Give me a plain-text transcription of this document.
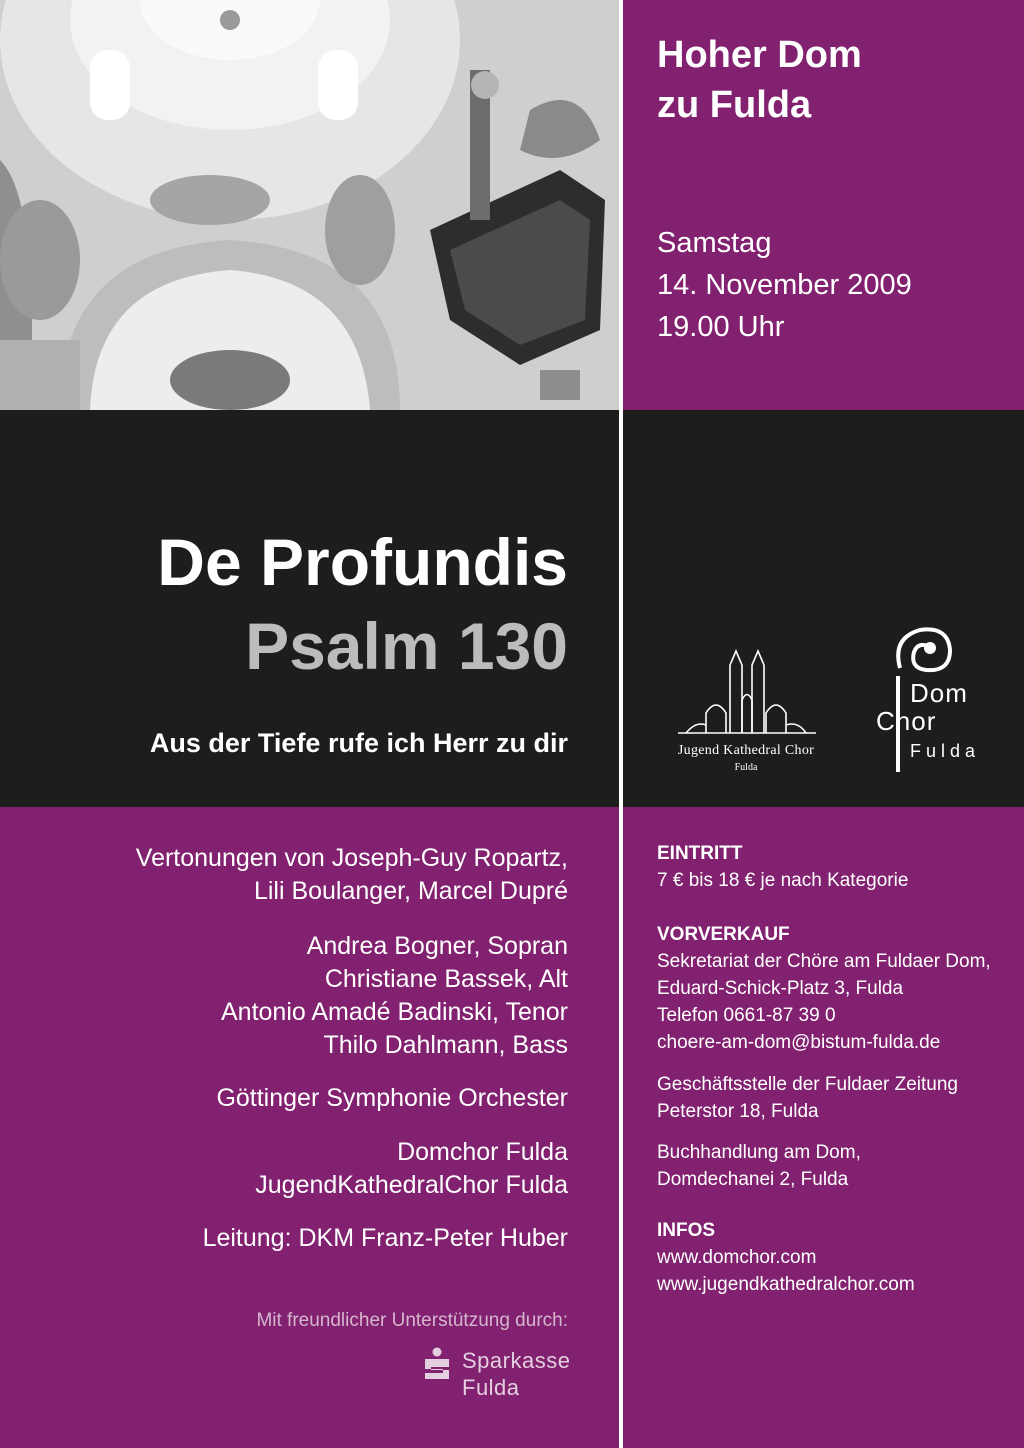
Hoher Dom
zu Fulda
Samstag
14. November 2009
19.00 Uhr
De Profundis
Psalm 130
Aus der Tiefe rufe ich Herr zu dir	Jugend Kathedral Chor
Fulda
Dom
Chor
Fulda
Vertonungen von Joseph-Guy Ropartz,
Lili Boulanger, Marcel Dupré
Andrea Bogner, Sopran
Christiane Bassek, Alt
Antonio Amadé Badinski, Tenor
Thilo Dahlmann, Bass
Göttinger Symphonie Orchester
Domchor Fulda
JugendKathedralChor Fulda
Leitung: DKM Franz-Peter Huber
Mit freundlicher Unterstützung durch:
Sparkasse
Fulda
EINTRITT
7 € bis 18 € je nach Kategorie
VORVERKAUF
Sekretariat der Chöre am Fuldaer Dom,
Eduard-Schick-Platz 3, Fulda
Telefon 0661-87 39 0
choere-am-dom@bistum-fulda.de
Geschäftsstelle der Fuldaer Zeitung
Peterstor 18, Fulda
Buchhandlung am Dom,
Domdechanei 2, Fulda
INFOS
www.domchor.com
www.jugendkathedralchor.com
